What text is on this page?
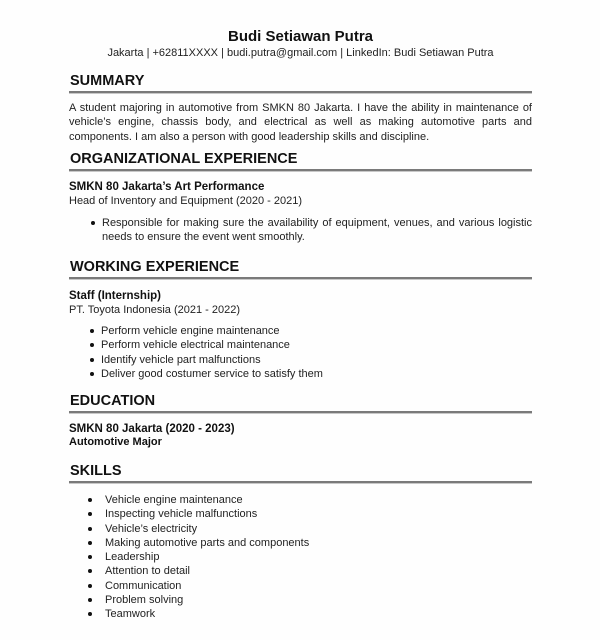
Budi Setiawan Putra
Jakarta | +62811XXXX | budi.putra@gmail.com | LinkedIn: Budi Setiawan Putra
SUMMARY
A student majoring in automotive from SMKN 80 Jakarta. I have the ability in maintenance of vehicle’s engine, chassis body, and electrical as well as making automotive parts and components. I am also a person with good leadership skills and discipline.
ORGANIZATIONAL EXPERIENCE
SMKN 80 Jakarta’s Art Performance
Head of Inventory and Equipment (2020 - 2021)
Responsible for making sure the availability of equipment, venues, and various logistic needs to ensure the event went smoothly.
WORKING EXPERIENCE
Staff (Internship)
PT. Toyota Indonesia (2021 - 2022)
Perform vehicle engine maintenance
Perform vehicle electrical maintenance
Identify vehicle part malfunctions
Deliver good costumer service to satisfy them
EDUCATION
SMKN 80 Jakarta (2020 - 2023)
Automotive Major
SKILLS
Vehicle engine maintenance
Inspecting vehicle malfunctions
Vehicle’s electricity
Making automotive parts and components
Leadership
Attention to detail
Communication
Problem solving
Teamwork
